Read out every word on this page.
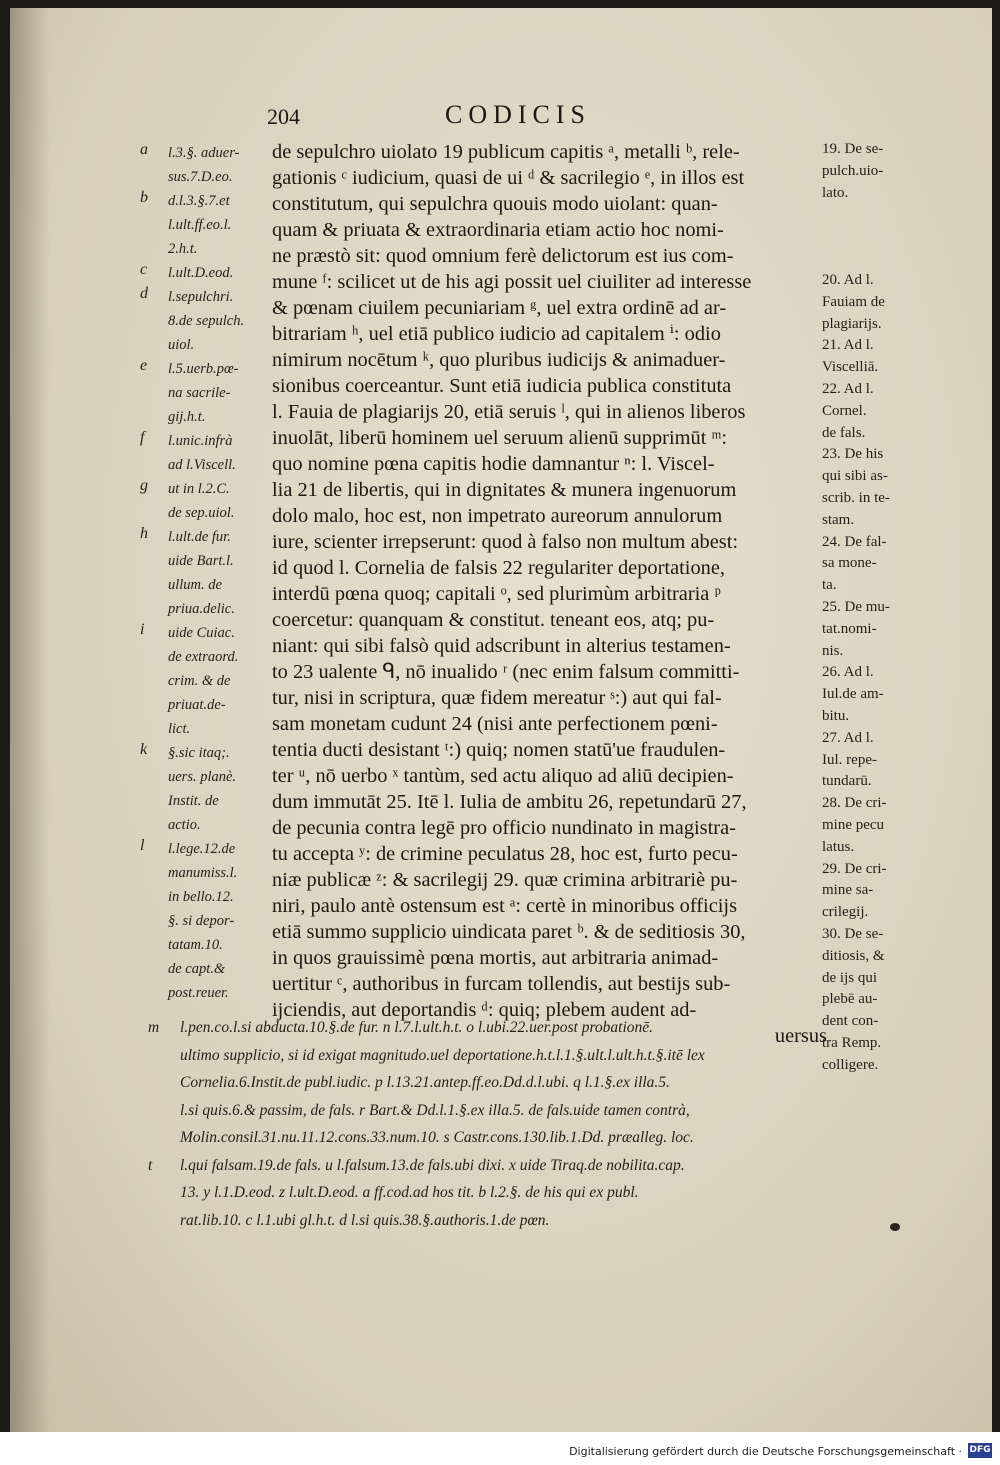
204	CODICIS
a	l.3.§. aduer-
sus.7.D.eo.
b	d.l.3.§.7.et
l.ult.ff.eo.l.
2.h.t.
c	l.ult.D.eod.
d	l.sepulchri.
8.de sepulch.
uiol.
e	l.5.uerb.pœ-
na sacrile-
gij.h.t.
f	l.unic.infrà
ad l.Viscell.
g	ut in l.2.C.
de sep.uiol.
h	l.ult.de fur.
uide Bart.l.
ullum. de
priua.delic.
i	uide Cuiac.
de extraord.
crim. & de
priuat.de-
lict.
k	§.sic itaq;.
uers. planè.
Instit. de
actio.
l	l.lege.12.de
manumiss.l.
in bello.12.
§. si depor-
tatam.10.
de capt.&
post.reuer.
de sepulchro uiolato 19 publicum capitis ᵃ, metalli ᵇ, rele-
gationis ᶜ iudicium, quasi de ui ᵈ & sacrilegio ᵉ, in illos est
constitutum, qui sepulchra quouis modo uiolant: quan-
quam & priuata & extraordinaria etiam actio hoc nomi-
ne præstò sit: quod omnium ferè delictorum est ius com-
mune ᶠ: scilicet ut de his agi possit uel ciuiliter ad interesse
& pœnam ciuilem pecuniariam ᵍ, uel extra ordinē ad ar-
bitrariam ʰ, uel etiā publico iudicio ad capitalem ⁱ: odio
nimirum nocētum ᵏ, quo pluribus iudicijs & animaduer-
sionibus coerceantur. Sunt etiā iudicia publica constituta
l. Fauia de plagiarijs 20, etiā seruis ˡ, qui in alienos liberos
inuolāt, liberū hominem uel seruum alienū supprimūt ᵐ:
quo nomine pœna capitis hodie damnantur ⁿ: l. Viscel-
lia 21 de libertis, qui in dignitates & munera ingenuorum
dolo malo, hoc est, non impetrato aureorum annulorum
iure, scienter irrepserunt: quod à falso non multum abest:
id quod l. Cornelia de falsis 22 regulariter deportatione,
interdū pœna quoq; capitali ᵒ, sed plurimùm arbitraria ᵖ
coercetur: quanquam & constitut. teneant eos, atq; pu-
niant: qui sibi falsò quid adscribunt in alterius testamen-
to 23 ualente ᑫ, nō inualido ʳ (nec enim falsum committi-
tur, nisi in scriptura, quæ fidem mereatur ˢ:) aut qui fal-
sam monetam cudunt 24 (nisi ante perfectionem pœni-
tentia ducti desistant ᵗ:) quiq; nomen statū'ue fraudulen-
ter ᵘ, nō uerbo ˣ tantùm, sed actu aliquo ad aliū decipien-
dum immutāt 25. Itē l. Iulia de ambitu 26, repetundarū 27,
de pecunia contra legē pro officio nundinato in magistra-
tu accepta ʸ: de crimine peculatus 28, hoc est, furto pecu-
niæ publicæ ᶻ: & sacrilegij 29. quæ crimina arbitrariè pu-
niri, paulo antè ostensum est ᵃ: certè in minoribus officijs
etiā summo supplicio uindicata paret ᵇ. & de seditiosis 30,
in quos grauissimè pœna mortis, aut arbitraria animad-
uertitur ᶜ, authoribus in furcam tollendis, aut bestijs sub-
ijciendis, aut deportandis ᵈ: quiq; plebem audent ad-
uersus
19. De se-
pulch.uio-
lato.
20. Ad l.
Fauiam de
plagiarijs.
21. Ad l.
Viscelliā.
22. Ad l.
Cornel.
de fals.
23. De his
qui sibi as-
scrib. in te-
stam.
24. De fal-
sa mone-
ta.
25. De mu-
tat.nomi-
nis.
26. Ad l.
Iul.de am-
bitu.
27. Ad l.
Iul. repe-
tundarū.
28. De cri-
mine pecu
latus.
29. De cri-
mine sa-
crilegij.
30. De se-
ditiosis, &
de ijs qui
plebē au-
dent con-
tra Remp.
colligere.
m l.pen.co.l.si abducta.10.§.de fur. n l.7.l.ult.h.t. o l.ubi.22.uer.post probationē.
ultimo supplicio, si id exigat magnitudo.uel deportatione.h.t.l.1.§.ult.l.ult.h.t.§.itē lex
Cornelia.6.Instit.de publ.iudic. p l.13.21.antep.ff.eo.Dd.d.l.ubi. q l.1.§.ex illa.5.
l.si quis.6.& passim, de fals. r Bart.& Dd.l.1.§.ex illa.5. de fals.uide tamen contrà,
Molin.consil.31.nu.11.12.cons.33.num.10. s Castr.cons.130.lib.1.Dd. præalleg. loc.
t l.qui falsam.19.de fals. u l.falsum.13.de fals.ubi dixi. x uide Tiraq.de nobilita.cap.
13. y l.1.D.eod. z l.ult.D.eod. a ff.cod.ad hos tit. b l.2.§. de his qui ex publ.
rat.lib.10. c l.1.ubi gl.h.t. d l.si quis.38.§.authoris.1.de pœn.
Digitalisierung gefördert durch die Deutsche Forschungsgemeinschaft · DFG
